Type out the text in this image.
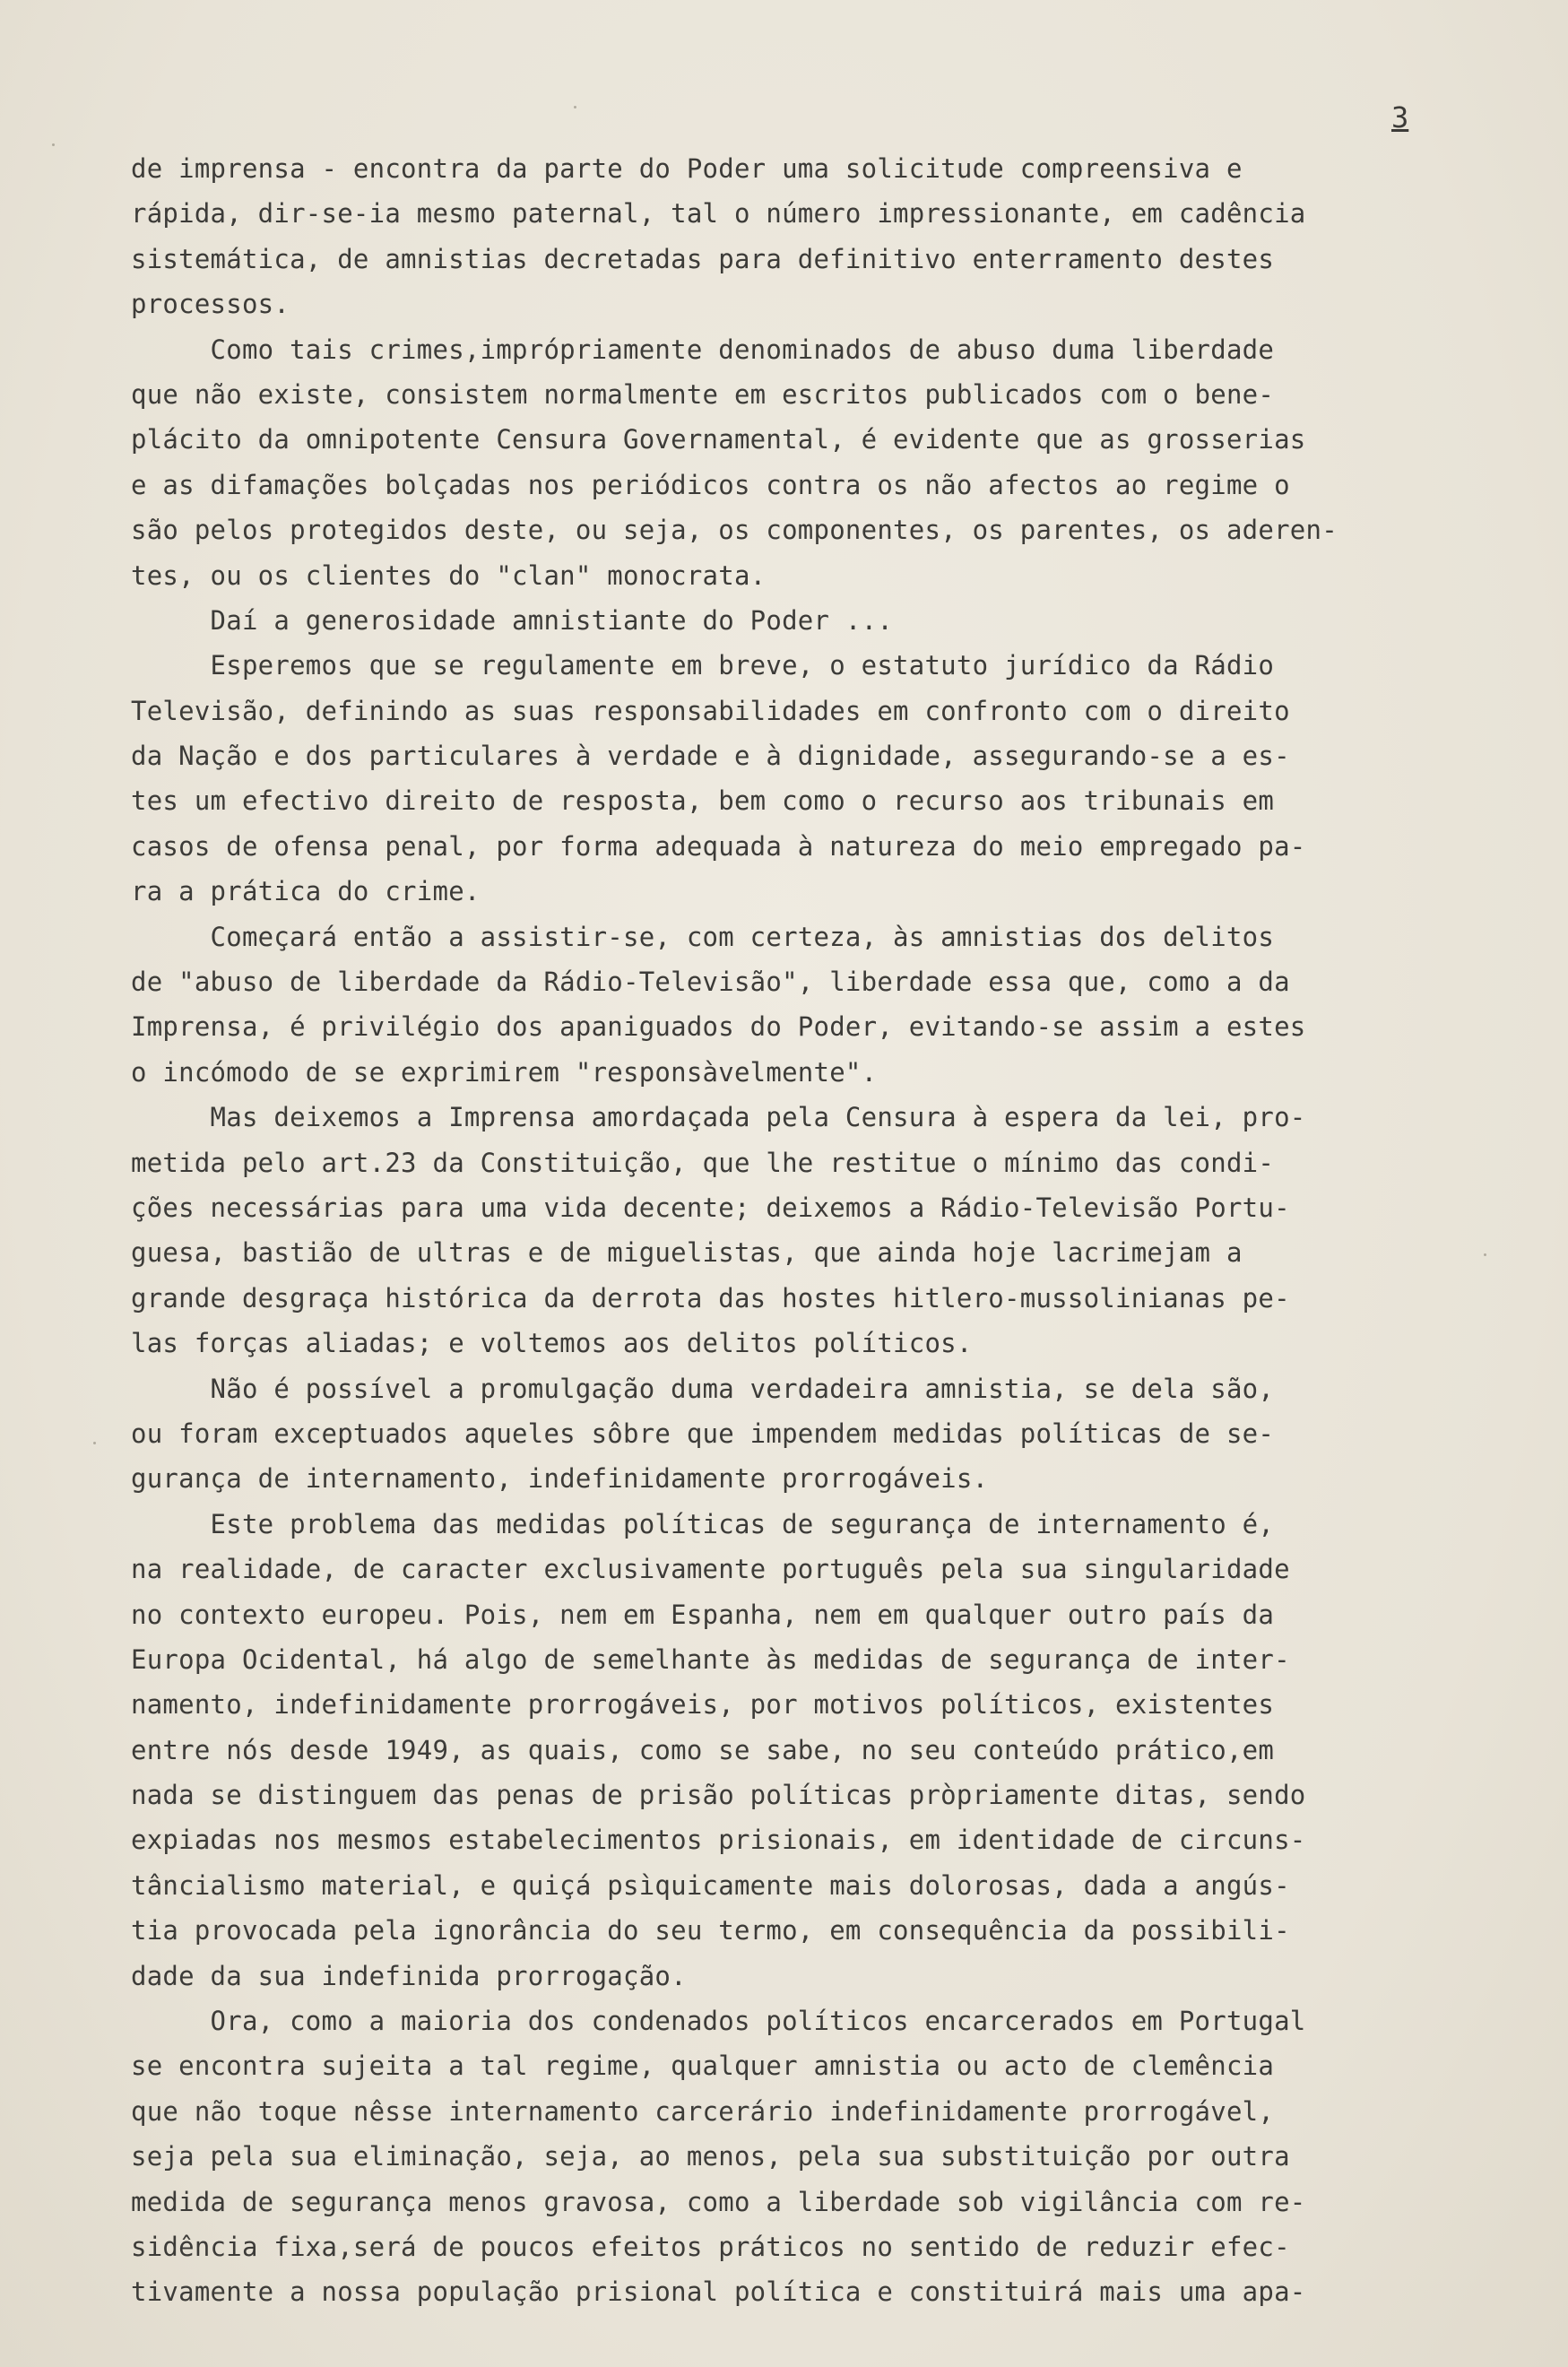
3
de imprensa - encontra da parte do Poder uma solicitude compreensiva e
rápida, dir-se-ia mesmo paternal, tal o número impressionante, em cadência
sistemática, de amnistias decretadas para definitivo enterramento destes
processos.
Como tais crimes,imprópriamente denominados de abuso duma liberdade
que não existe, consistem normalmente em escritos publicados com o bene-
plácito da omnipotente Censura Governamental, é evidente que as grosserias
e as difamações bolçadas nos periódicos contra os não afectos ao regime o
são pelos protegidos deste, ou seja, os componentes, os parentes, os aderen-
tes, ou os clientes do "clan" monocrata.
Daí a generosidade amnistiante do Poder ...
Esperemos que se regulamente em breve, o estatuto jurídico da Rádio
Televisão, definindo as suas responsabilidades em confronto com o direito
da Nação e dos particulares à verdade e à dignidade, assegurando-se a es-
tes um efectivo direito de resposta, bem como o recurso aos tribunais em
casos de ofensa penal, por forma adequada à natureza do meio empregado pa-
ra a prática do crime.
Começará então a assistir-se, com certeza, às amnistias dos delitos
de "abuso de liberdade da Rádio-Televisão", liberdade essa que, como a da
Imprensa, é privilégio dos apaniguados do Poder, evitando-se assim a estes
o incómodo de se exprimirem "responsàvelmente".
Mas deixemos a Imprensa amordaçada pela Censura à espera da lei, pro-
metida pelo art.23 da Constituição, que lhe restitue o mínimo das condi-
ções necessárias para uma vida decente; deixemos a Rádio-Televisão Portu-
guesa, bastião de ultras e de miguelistas, que ainda hoje lacrimejam a
grande desgraça histórica da derrota das hostes hitlero-mussolinianas pe-
las forças aliadas; e voltemos aos delitos políticos.
Não é possível a promulgação duma verdadeira amnistia, se dela são,
ou foram exceptuados aqueles sôbre que impendem medidas políticas de se-
gurança de internamento, indefinidamente prorrogáveis.
Este problema das medidas políticas de segurança de internamento é,
na realidade, de caracter exclusivamente português pela sua singularidade
no contexto europeu. Pois, nem em Espanha, nem em qualquer outro país da
Europa Ocidental, há algo de semelhante às medidas de segurança de inter-
namento, indefinidamente prorrogáveis, por motivos políticos, existentes
entre nós desde 1949, as quais, como se sabe, no seu conteúdo prático,em
nada se distinguem das penas de prisão políticas pròpriamente ditas, sendo
expiadas nos mesmos estabelecimentos prisionais, em identidade de circuns-
tâncialismo material, e quiçá psìquicamente mais dolorosas, dada a angús-
tia provocada pela ignorância do seu termo, em consequência da possibili-
dade da sua indefinida prorrogação.
Ora, como a maioria dos condenados políticos encarcerados em Portugal
se encontra sujeita a tal regime, qualquer amnistia ou acto de clemência
que não toque nêsse internamento carcerário indefinidamente prorrogável,
seja pela sua eliminação, seja, ao menos, pela sua substituição por outra
medida de segurança menos gravosa, como a liberdade sob vigilância com re-
sidência fixa,será de poucos efeitos práticos no sentido de reduzir efec-
tivamente a nossa população prisional política e constituirá mais uma apa-
